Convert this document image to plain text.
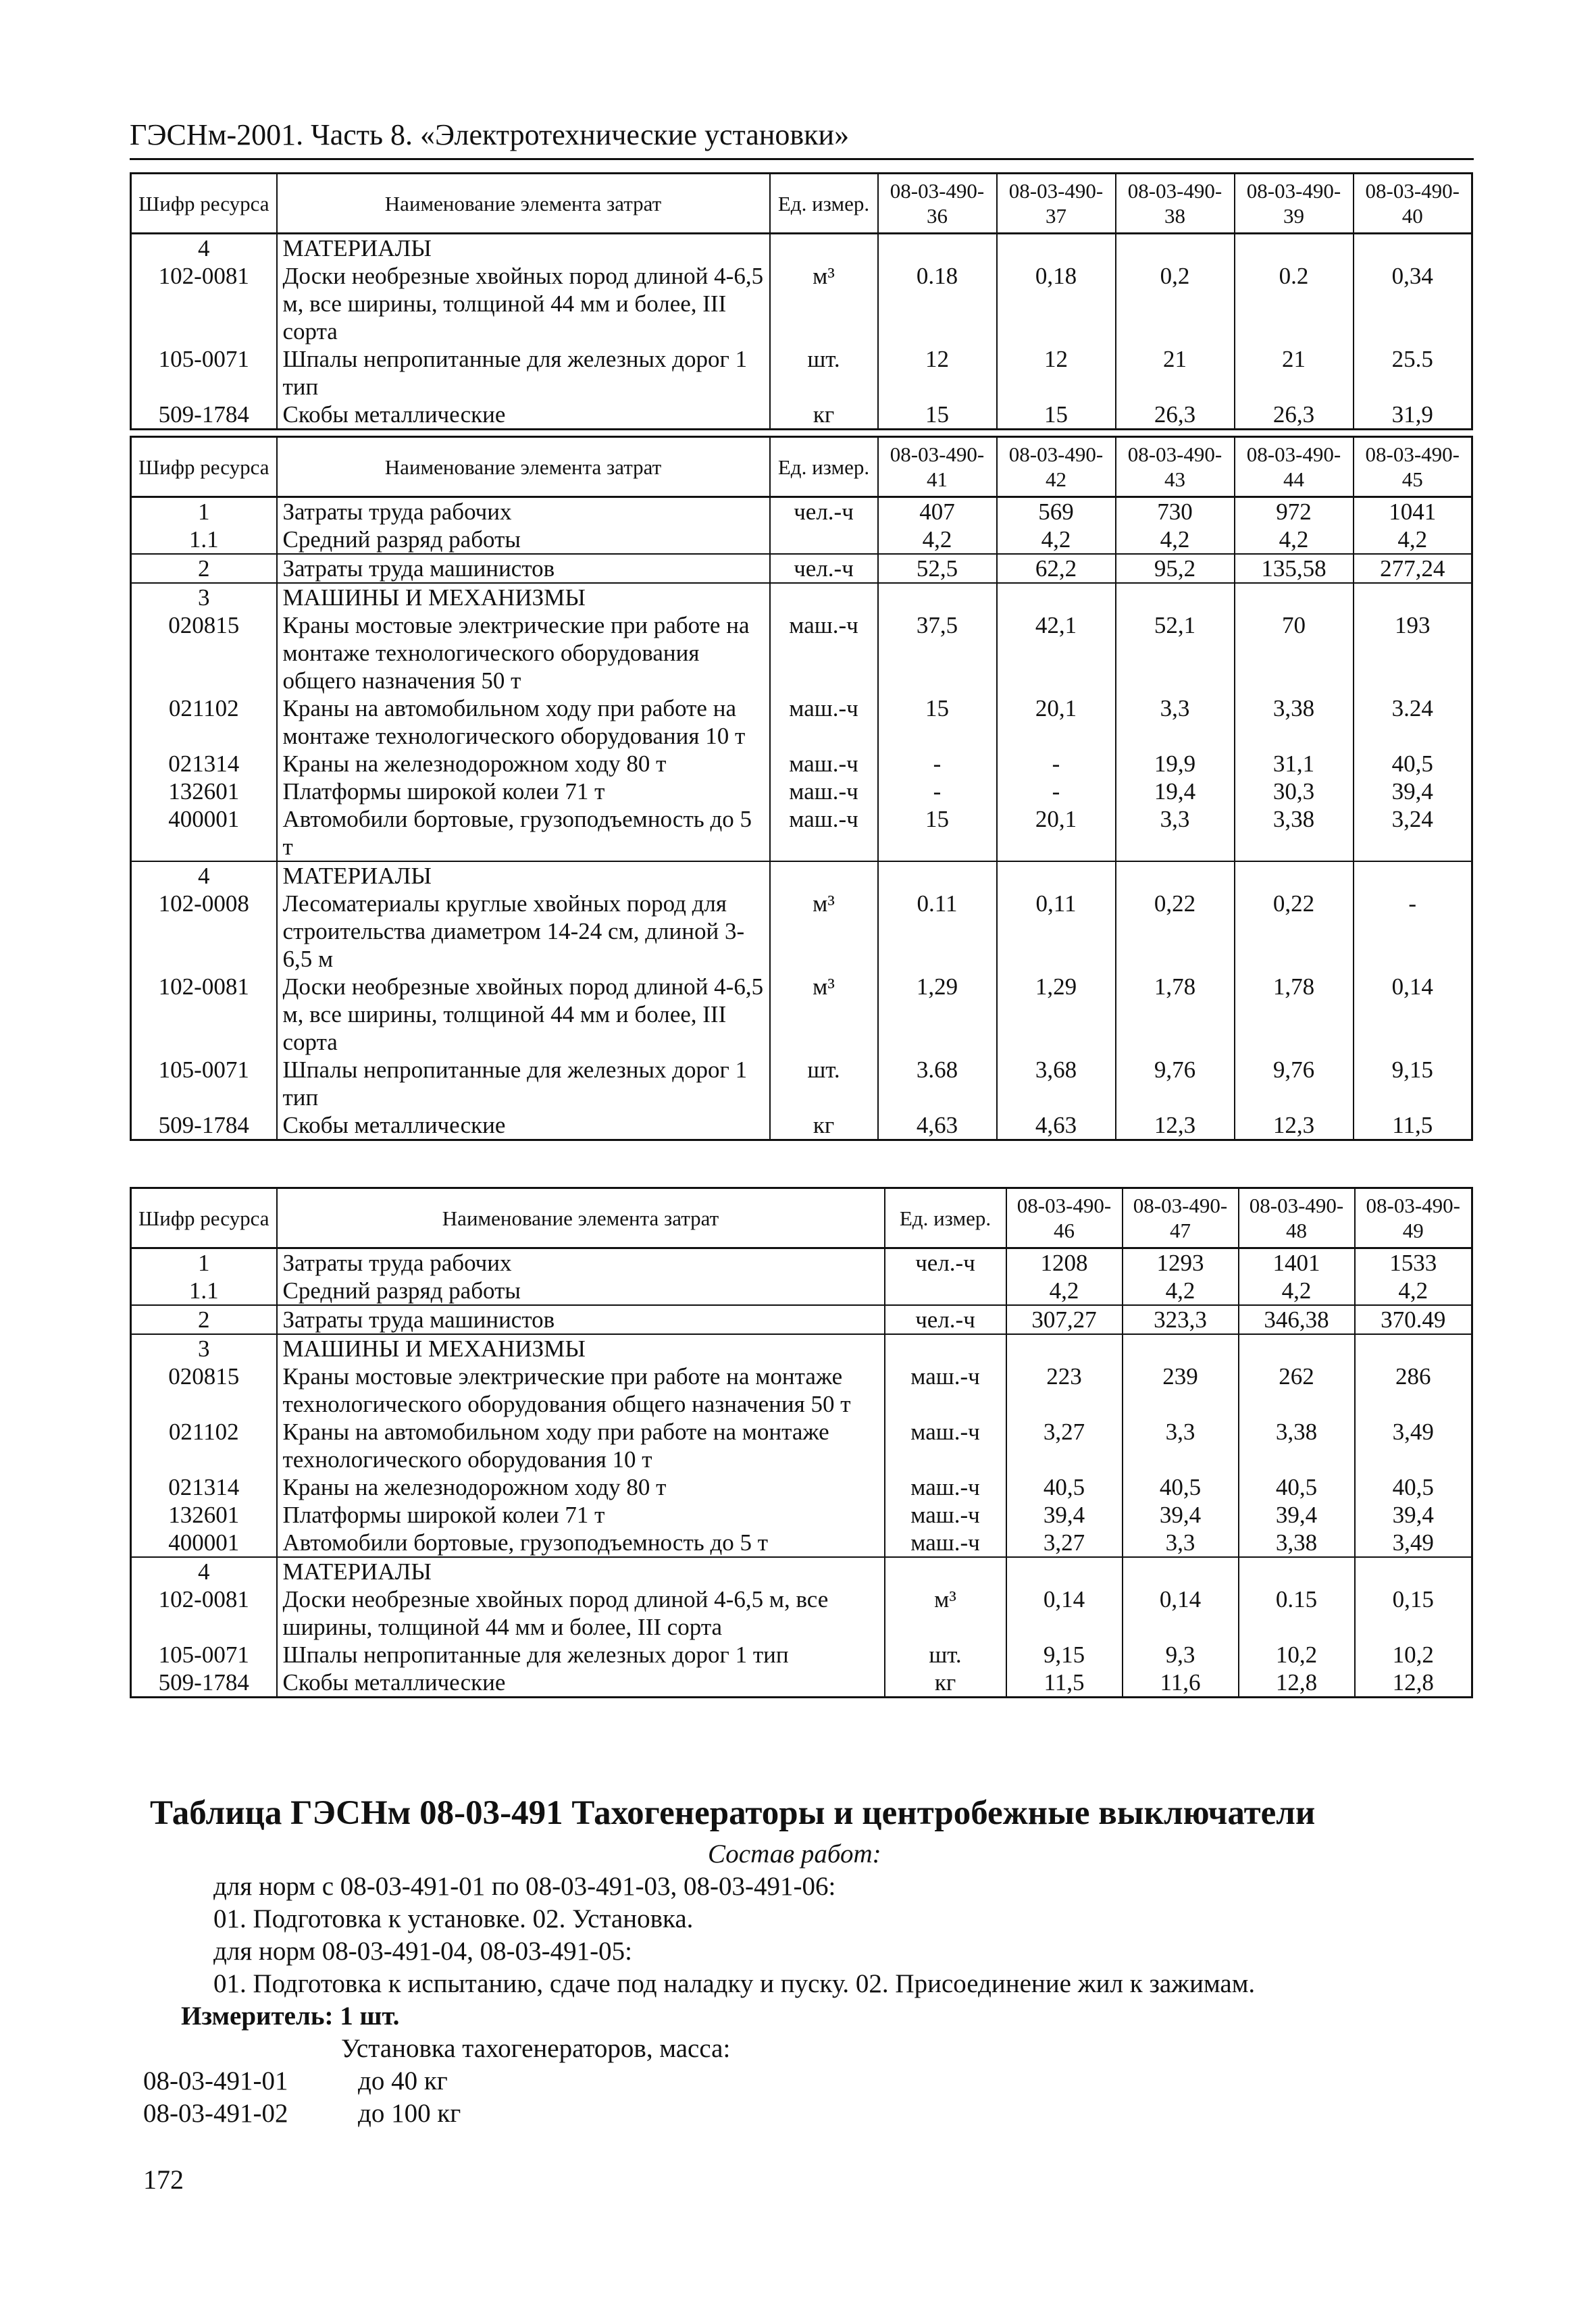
ГЭСНм-2001. Часть 8. «Электротехнические установки»
Шифр ресурса	Наименование элемента затрат	Ед. измер.	08-03-490-36	08-03-490-37	08-03-490-38	08-03-490-39	08-03-490-40
4	МАТЕРИАЛЫ						
102-0081	Доски необрезные хвойных пород длиной 4-6,5 м, все ширины, толщиной 44 мм и более, III сорта	м³	0.18	0,18	0,2	0.2	0,34
105-0071	Шпалы непропитанные для железных дорог 1 тип	шт.	12	12	21	21	25.5
509-1784	Скобы металлические	кг	15	15	26,3	26,3	31,9
Шифр ресурса	Наименование элемента затрат	Ед. измер.	08-03-490-41	08-03-490-42	08-03-490-43	08-03-490-44	08-03-490-45
1	Затраты труда рабочих	чел.-ч	407	569	730	972	1041
1.1	Средний разряд работы		4,2	4,2	4,2	4,2	4,2
2	Затраты труда машинистов	чел.-ч	52,5	62,2	95,2	135,58	277,24
3	МАШИНЫ И МЕХАНИЗМЫ						
020815	Краны мостовые электрические при работе на монтаже технологического оборудования общего назначения 50 т	маш.-ч	37,5	42,1	52,1	70	193
021102	Краны на автомобильном ходу при работе на монтаже технологического оборудования 10 т	маш.-ч	15	20,1	3,3	3,38	3.24
021314	Краны на железнодорожном ходу 80 т	маш.-ч	-	-	19,9	31,1	40,5
132601	Платформы широкой колеи 71 т	маш.-ч	-	-	19,4	30,3	39,4
400001	Автомобили бортовые, грузоподъемность до 5 т	маш.-ч	15	20,1	3,3	3,38	3,24
4	МАТЕРИАЛЫ						
102-0008	Лесоматериалы круглые хвойных пород для строительства диаметром 14-24 см, длиной 3-6,5 м	м³	0.11	0,11	0,22	0,22	-
102-0081	Доски необрезные хвойных пород длиной 4-6,5 м, все ширины, толщиной 44 мм и более, III сорта	м³	1,29	1,29	1,78	1,78	0,14
105-0071	Шпалы непропитанные для железных дорог 1 тип	шт.	3.68	3,68	9,76	9,76	9,15
509-1784	Скобы металлические	кг	4,63	4,63	12,3	12,3	11,5
Шифр ресурса	Наименование элемента затрат	Ед. измер.	08-03-490-46	08-03-490-47	08-03-490-48	08-03-490-49
1	Затраты труда рабочих	чел.-ч	1208	1293	1401	1533
1.1	Средний разряд работы		4,2	4,2	4,2	4,2
2	Затраты труда машинистов	чел.-ч	307,27	323,3	346,38	370.49
3	МАШИНЫ И МЕХАНИЗМЫ					
020815	Краны мостовые электрические при работе на монтаже технологического оборудования общего назначения 50 т	маш.-ч	223	239	262	286
021102	Краны на автомобильном ходу при работе на монтаже технологического оборудования 10 т	маш.-ч	3,27	3,3	3,38	3,49
021314	Краны на железнодорожном ходу 80 т	маш.-ч	40,5	40,5	40,5	40,5
132601	Платформы широкой колеи 71 т	маш.-ч	39,4	39,4	39,4	39,4
400001	Автомобили бортовые, грузоподъемность до 5 т	маш.-ч	3,27	3,3	3,38	3,49
4	МАТЕРИАЛЫ					
102-0081	Доски необрезные хвойных пород длиной 4-6,5 м, все ширины, толщиной 44 мм и более, III сорта	м³	0,14	0,14	0.15	0,15
105-0071	Шпалы непропитанные для железных дорог 1 тип	шт.	9,15	9,3	10,2	10,2
509-1784	Скобы металлические	кг	11,5	11,6	12,8	12,8
Таблица ГЭСНм 08-03-491 Тахогенераторы и центробежные выключатели
Состав работ:
для норм с 08-03-491-01 по 08-03-491-03, 08-03-491-06:
01. Подготовка к установке. 02. Установка.
для норм 08-03-491-04, 08-03-491-05:
01. Подготовка к испытанию, сдаче под наладку и пуску. 02. Присоединение жил к зажимам.
Измеритель: 1 шт.
Установка тахогенераторов, масса:
08-03-491-01	до 40 кг
08-03-491-02	до 100 кг
172
